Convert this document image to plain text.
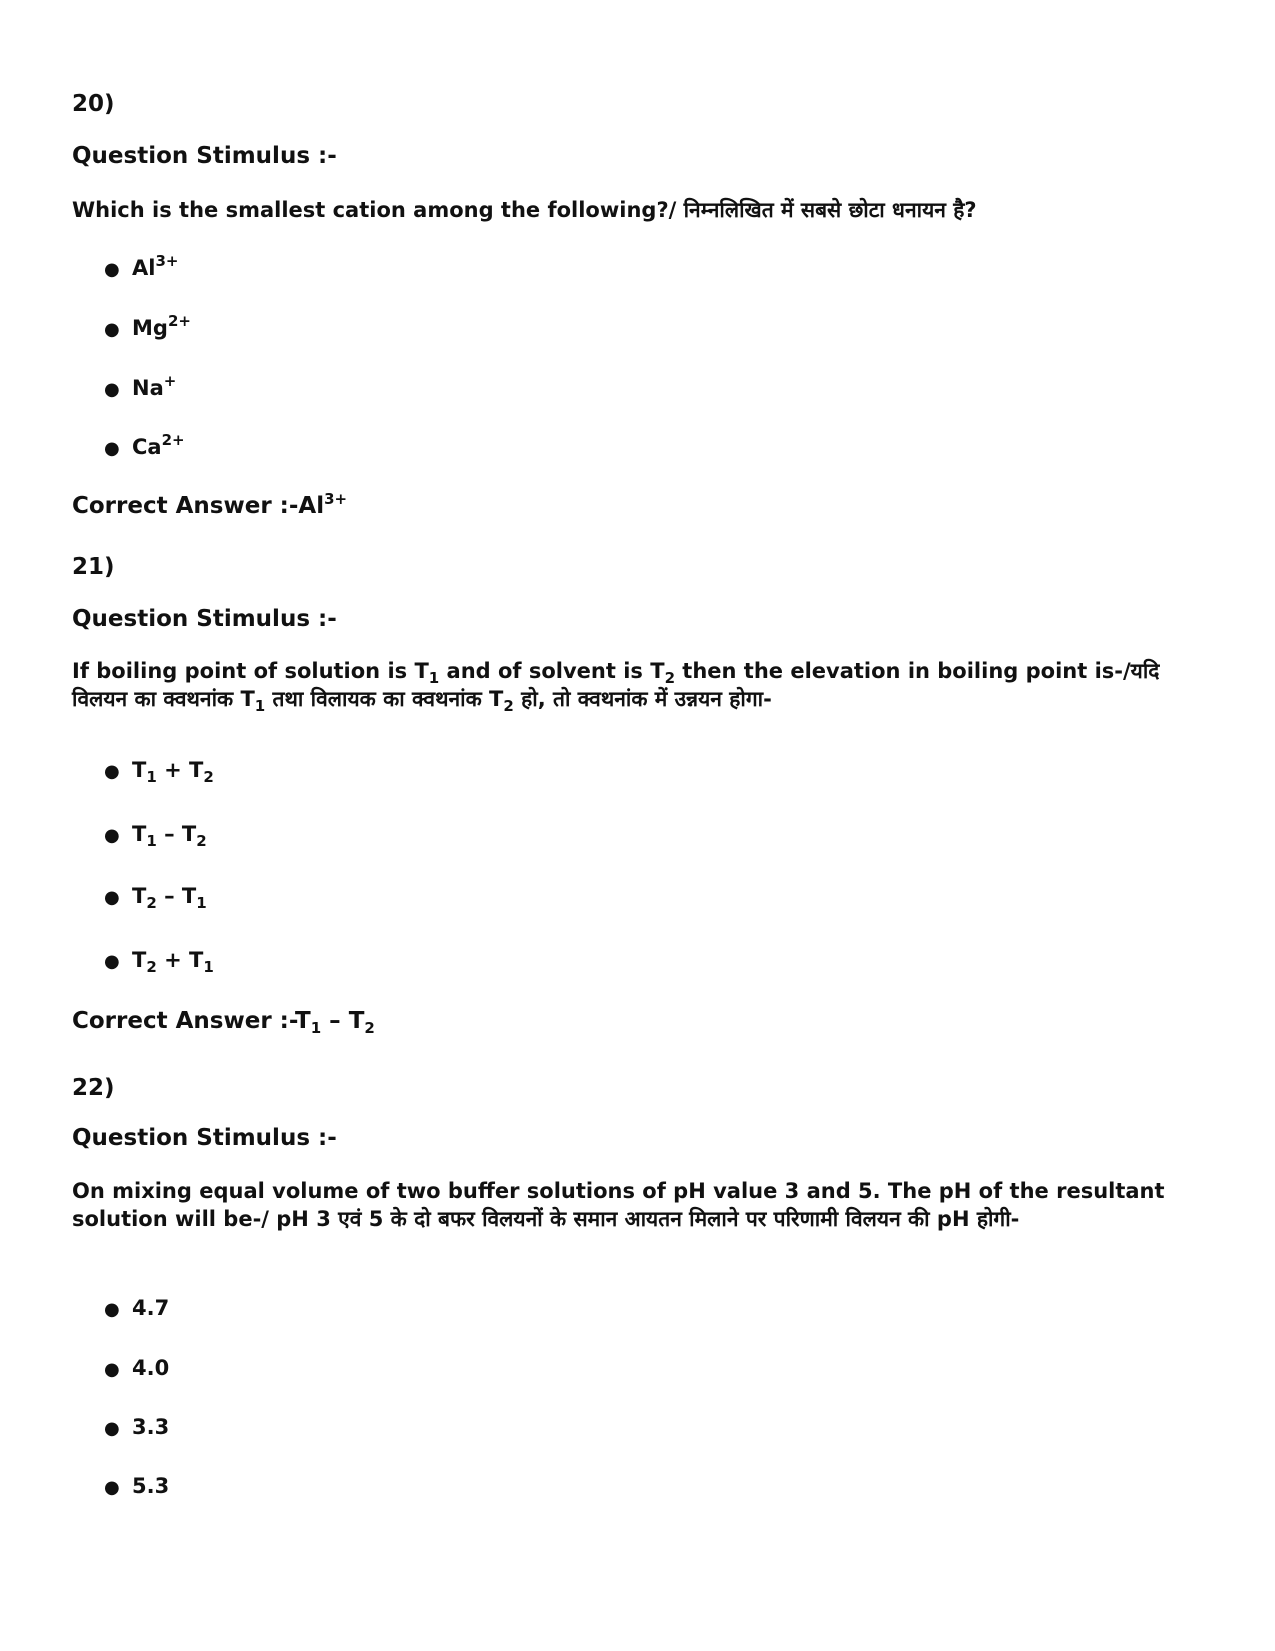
20)
Question Stimulus :-
Which is the smallest cation among the following?/ निम्नलिखित में सबसे छोटा धनायन है?
● $Al^{3+}$
● $Mg^{2+}$
● Na+
● $Ca^{2+}$
Correct Answer $:-Al^{3+}$
21)
Question Stimulus :-
If boiling point of solution is $T_1$ and of solvent is $T_2$ then the elevation in boiling point is-/यदि विलयन का क्वथनांक $T_1$ तथा विलायक का क्वथनांक $T_2$ हो, तो क्वथनांक में उन्नयन होगा-
● $T_1 + T_2$
● $T_1 - T_2$
● $T_2 - T_1$
● $T_2 + T_1$
Correct Answer $:-T_1 - T_2$
22)
Question Stimulus :-
On mixing equal volume of two buffer solutions of pH value 3 and 5. The pH of the resultant solution will be-/ pH 3 एवं 5 के दो बफर विलयनों के समान आयतन मिलाने पर परिणामी विलयन की pH होगी-
● 4.7
● 4.0
● 3.3
● 5.3
